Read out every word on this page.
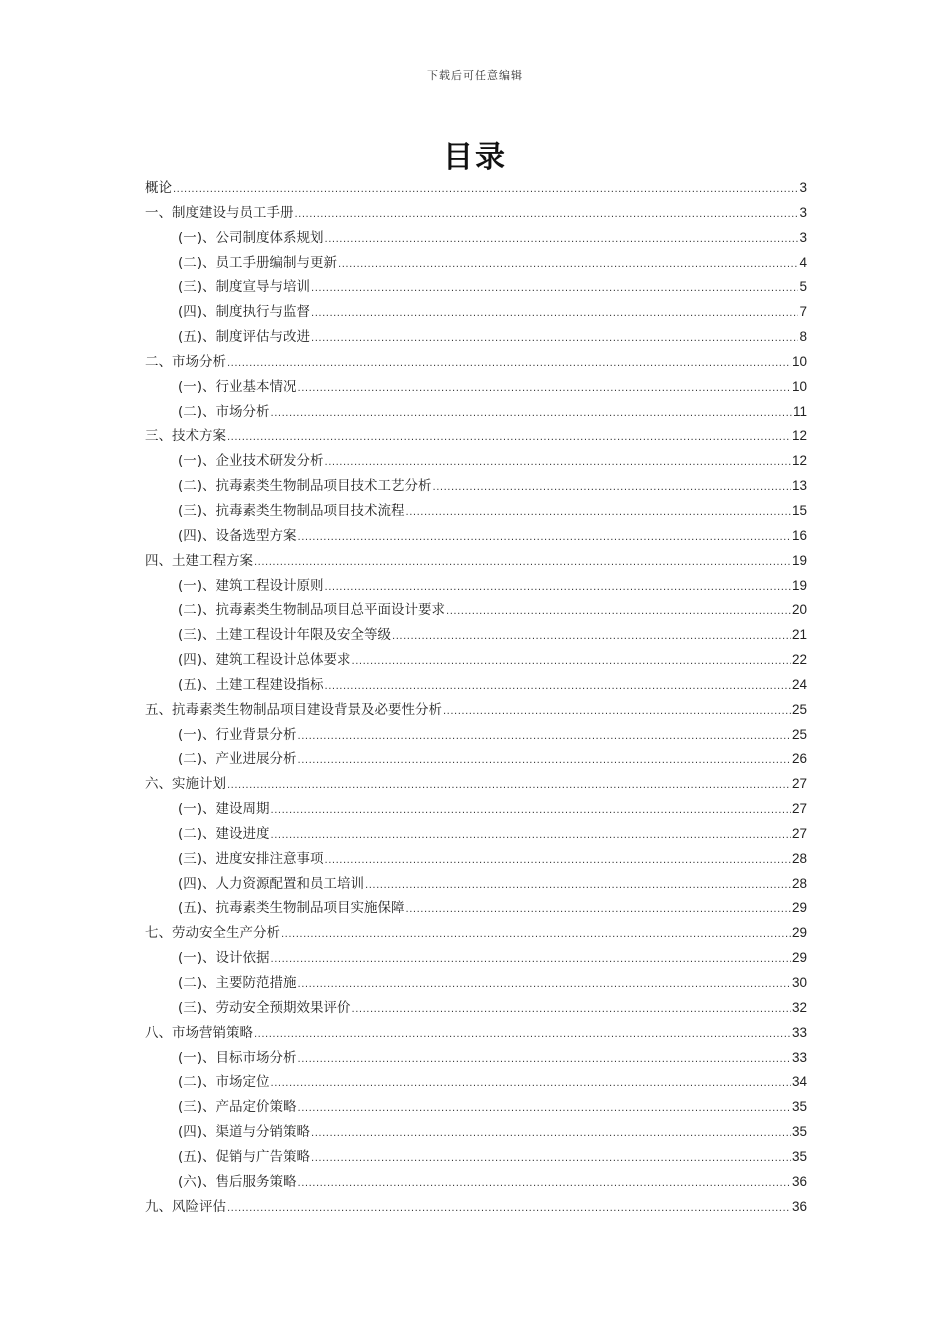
下载后可任意编辑
目录
概论 .....	3
一、制度建设与员工手册 .....	3
(一)、公司制度体系规划 .....	3
(二)、员工手册编制与更新 .....	4
(三)、制度宣导与培训 .....	5
(四)、制度执行与监督 .....	7
(五)、制度评估与改进 .....	8
二、市场分析 .....	10
(一)、行业基本情况 .....	10
(二)、市场分析 .....	11
三、技术方案 .....	12
(一)、企业技术研发分析 .....	12
(二)、抗毒素类生物制品项目技术工艺分析 .....	13
(三)、抗毒素类生物制品项目技术流程 .....	15
(四)、设备选型方案 .....	16
四、土建工程方案 .....	19
(一)、建筑工程设计原则 .....	19
(二)、抗毒素类生物制品项目总平面设计要求 .....	20
(三)、土建工程设计年限及安全等级 .....	21
(四)、建筑工程设计总体要求 .....	22
(五)、土建工程建设指标 .....	24
五、抗毒素类生物制品项目建设背景及必要性分析 .....	25
(一)、行业背景分析 .....	25
(二)、产业进展分析 .....	26
六、实施计划 .....	27
(一)、建设周期 .....	27
(二)、建设进度 .....	27
(三)、进度安排注意事项 .....	28
(四)、人力资源配置和员工培训 .....	28
(五)、抗毒素类生物制品项目实施保障 .....	29
七、劳动安全生产分析 .....	29
(一)、设计依据 .....	29
(二)、主要防范措施 .....	30
(三)、劳动安全预期效果评价 .....	32
八、市场营销策略 .....	33
(一)、目标市场分析 .....	33
(二)、市场定位 .....	34
(三)、产品定价策略 .....	35
(四)、渠道与分销策略 .....	35
(五)、促销与广告策略 .....	35
(六)、售后服务策略 .....	36
九、风险评估 .....	36
